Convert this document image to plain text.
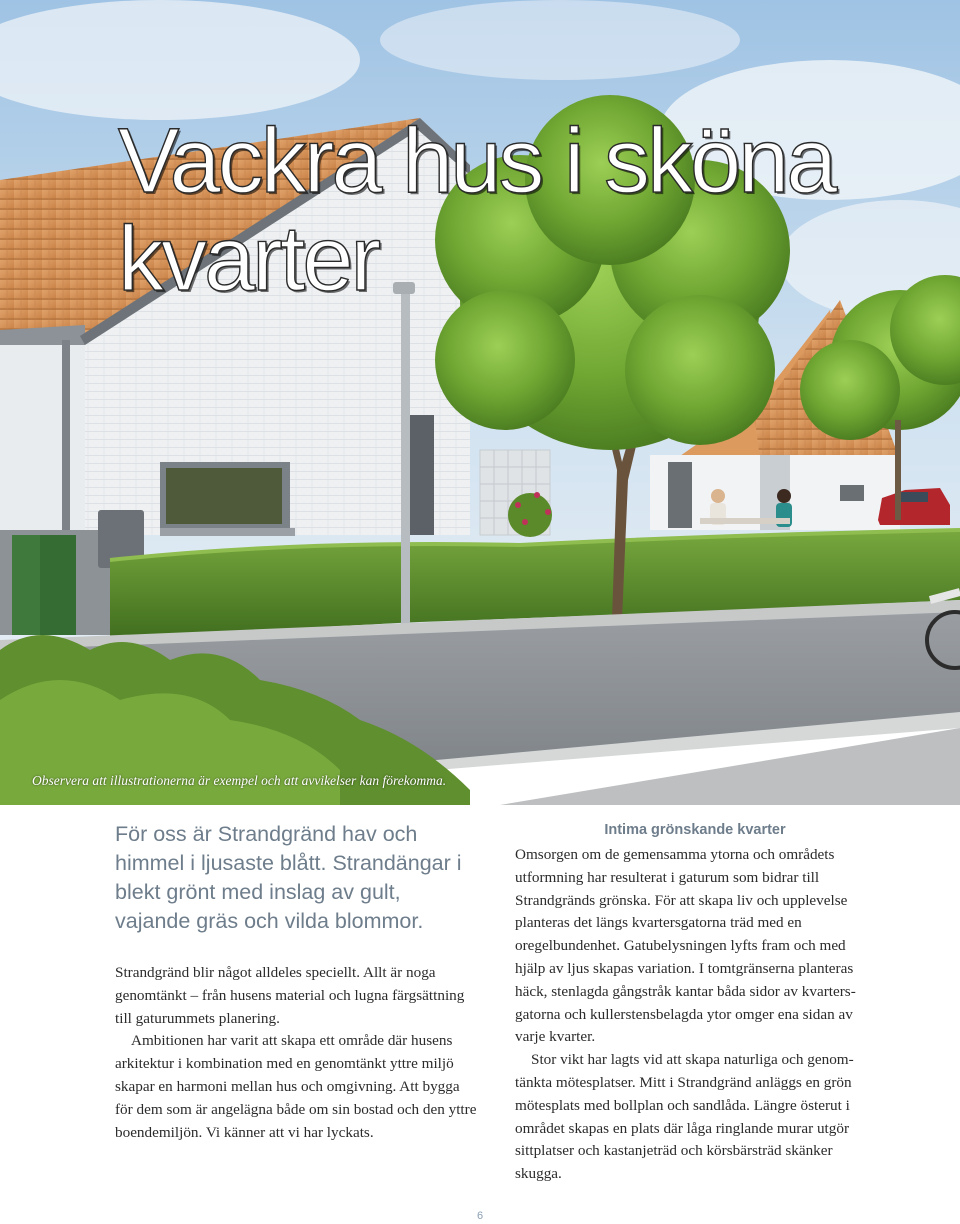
Vackra hus i sköna kvarter

Observera att illustrationerna är exempel och att avvikelser kan förekomma.

För oss är Strandgränd hav och himmel i ljusaste blått. Strandängar i blekt grönt med inslag av gult, vajande gräs och vilda blommor.

Strandgränd blir något alldeles speciellt. Allt är noga genomtänkt – från husens material och lugna färgsättning till gaturummets planering.

Ambitionen har varit att skapa ett område där husens arkitektur i kombination med en genomtänkt yttre miljö skapar en harmoni mellan hus och omgivning. Att bygga för dem som är angelägna både om sin bostad och den yttre boendemiljön. Vi känner att vi har lyckats.

Intima grönskande kvarter

Omsorgen om de gemensamma ytorna och områdets utformning har resulterat i gaturum som bidrar till Strandgränds grönska. För att skapa liv och upplevelse planteras det längs kvartersgatorna träd med en oregelbundenhet. Gatubelysningen lyfts fram och med hjälp av ljus skapas variation. I tomtgränserna planteras häck, stenlagda gångstråk kantar båda sidor av kvartersgatorna och kullerstensbelagda ytor omger ena sidan av varje kvarter.

Stor vikt har lagts vid att skapa naturliga och genomtänkta mötesplatser. Mitt i Strandgränd anläggs en grön mötesplats med bollplan och sandlåda. Längre österut i området skapas en plats där låga ringlande murar utgör sittplatser och kastanjeträd och körsbärsträd skänker skugga.

6
